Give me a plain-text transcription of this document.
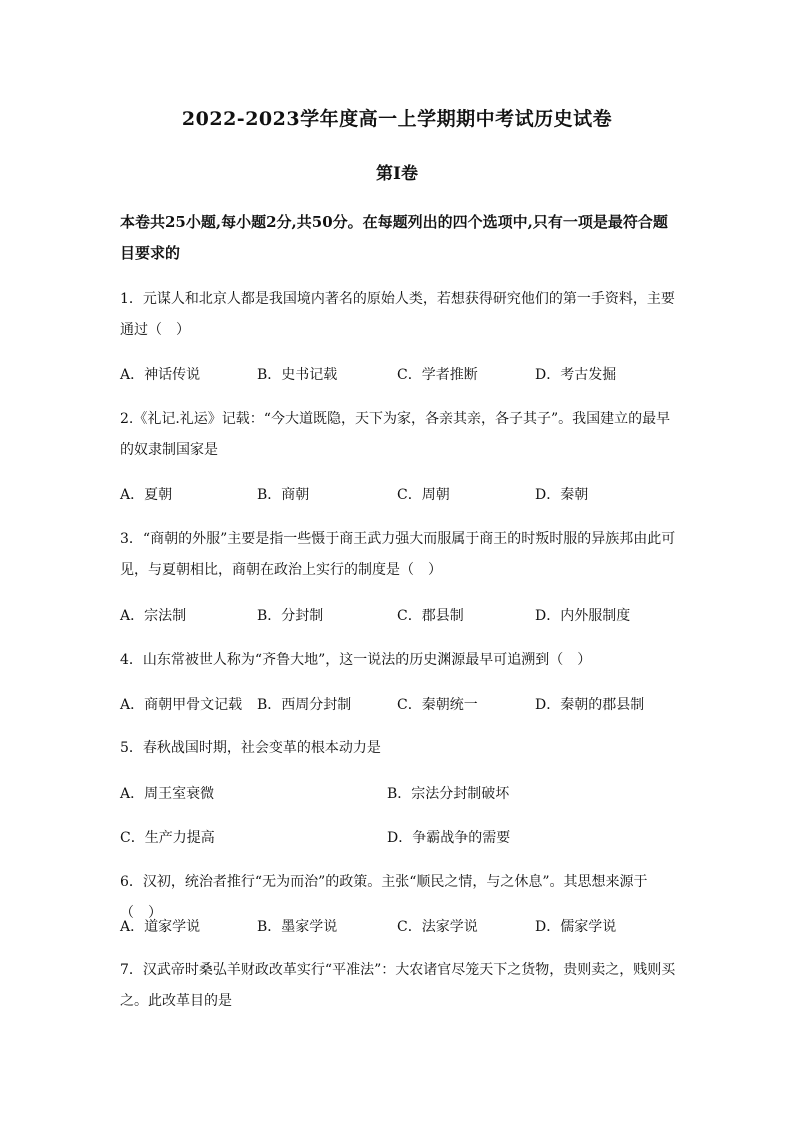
2022-2023学年度高一上学期期中考试历史试卷
第Ⅰ卷
本卷共25小题,每小题2分,共50分。在每题列出的四个选项中,只有一项是最符合题目要求的
1．元谋人和北京人都是我国境内著名的原始人类，若想获得研究他们的第一手资料，主要通过（　）
A．神话传说	B．史书记载	C．学者推断	D．考古发掘
2.《礼记.礼运》记载：“今大道既隐，天下为家，各亲其亲，各子其子”。我国建立的最早的奴隶制国家是
A．夏朝	B．商朝	C．周朝	D．秦朝
3．“商朝的外服”主要是指一些慑于商王武力强大而服属于商王的时叛时服的异族邦由此可见，与夏朝相比，商朝在政治上实行的制度是（　）
A．宗法制	B．分封制	C．郡县制	D．内外服制度
4．山东常被世人称为“齐鲁大地”，这一说法的历史渊源最早可追溯到（　）
A．商朝甲骨文记载 B．西周分封制	C．秦朝统一	D．秦朝的郡县制
5．春秋战国时期，社会变革的根本动力是
A．周王室衰微	B．宗法分封制破坏
C．生产力提高	D．争霸战争的需要
6．汉初，统治者推行“无为而治”的政策。主张“顺民之情，与之休息”。其思想来源于（　）
A．道家学说	B．墨家学说	C．法家学说	D．儒家学说
7．汉武帝时桑弘羊财政改革实行“平准法”：大农诸官尽笼天下之货物，贵则卖之，贱则买之。此改革目的是
